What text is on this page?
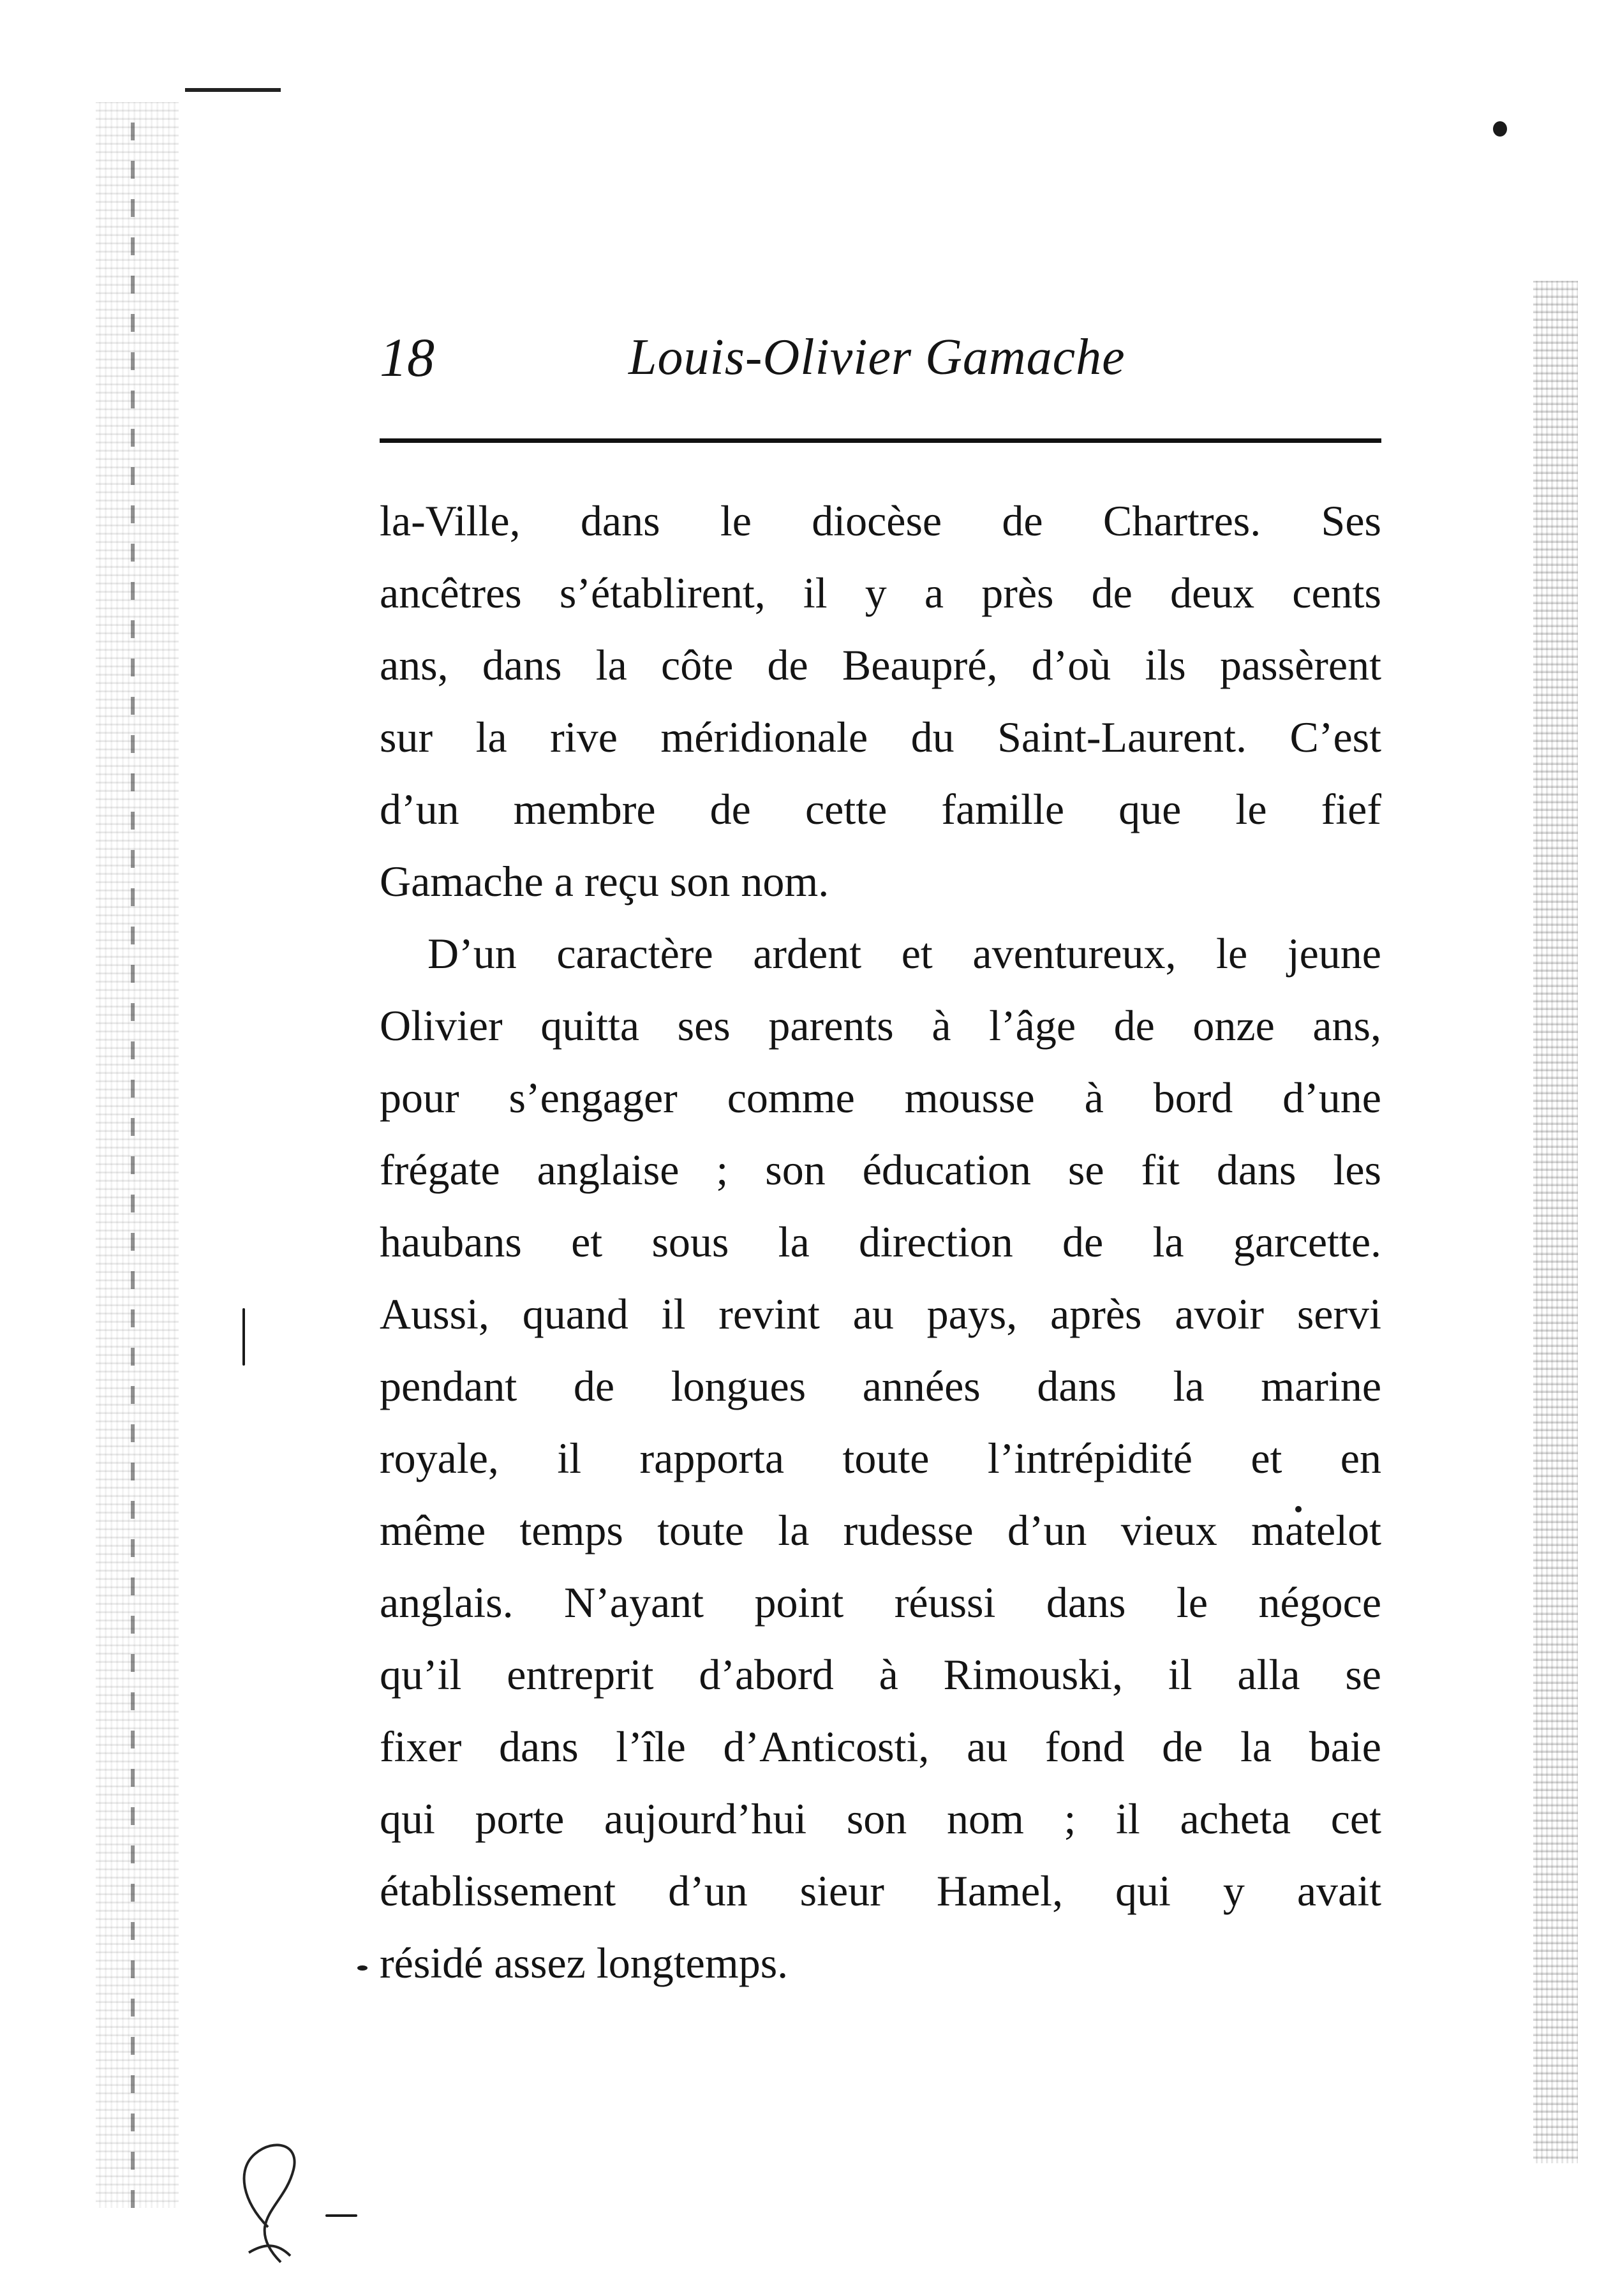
18	Louis-Olivier Gamache
la-Ville, dans le diocèse de Chartres. Ses
ancêtres s’établirent, il y a près de deux cents
ans, dans la côte de Beaupré, d’où ils passèrent
sur la rive méridionale du Saint-Laurent. C’est
d’un membre de cette famille que le fief
Gamache a reçu son nom.
D’un caractère ardent et aventureux, le jeune
Olivier quitta ses parents à l’âge de onze ans,
pour s’engager comme mousse à bord d’une
frégate anglaise ; son éducation se fit dans les
haubans et sous la direction de la garcette.
Aussi, quand il revint au pays, après avoir servi
pendant de longues années dans la marine
royale, il rapporta toute l’intrépidité et en
même temps toute la rudesse d’un vieux matelot
anglais. N’ayant point réussi dans le négoce
qu’il entreprit d’abord à Rimouski, il alla se
fixer dans l’île d’Anticosti, au fond de la baie
qui porte aujourd’hui son nom ; il acheta cet
établissement d’un sieur Hamel, qui y avait
résidé assez longtemps.
